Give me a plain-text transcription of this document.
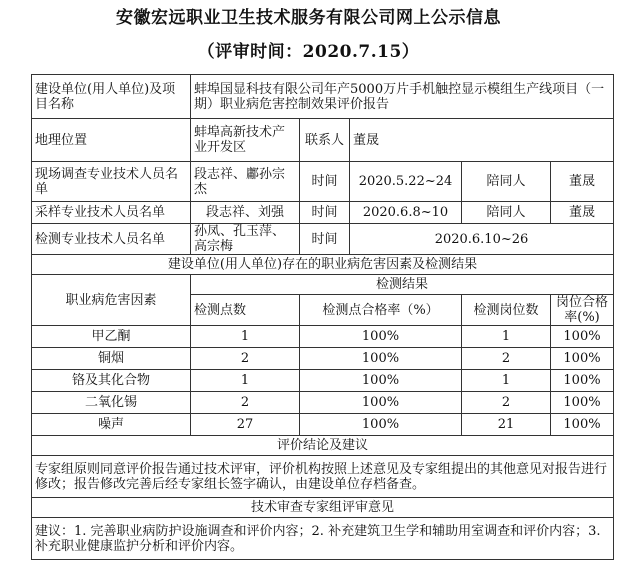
安徽宏远职业卫生技术服务有限公司网上公示信息
（评审时间：2020.7.15）
建设单位(用人单位)及项目名称	蚌埠国显科技有限公司年产5000万片手机触控显示模组生产线项目（一期）职业病危害控制效果评价报告				
地理位置	蚌埠高新技术产业开发区	联系人	董晟		
现场调查专业技术人员名单	段志祥、鄘孙宗杰	时间	2020.5.22~24	陪同人	董晟
采样专业技术人员名单	段志祥、刘强	时间	2020.6.8~10	陪同人	董晟
检测专业技术人员名单	孙凤、孔玉萍、高宗梅	时间	2020.6.10~26		
建设单位(用人单位)存在的职业病危害因素及检测结果					
职业病危害因素	检测结果				
	检测点数	检测点合格率（%）		检测岗位数	岗位合格率(%)
甲乙酮	1	100%		1	100%
铜烟	2	100%		2	100%
铬及其化合物	1	100%		1	100%
二氧化锡	2	100%		2	100%
噪声	27	100%		21	100%
评价结论及建议					
专家组原则同意评价报告通过技术评审，评价机构按照上述意见及专家组提出的其他意见对报告进行修改；报告修改完善后经专家组长签字确认，由建设单位存档备查。					
技术审查专家组评审意见					
建议：1. 完善职业病防护设施调查和评价内容；2. 补充建筑卫生学和辅助用室调查和评价内容；3. 补充职业健康监护分析和评价内容。					
